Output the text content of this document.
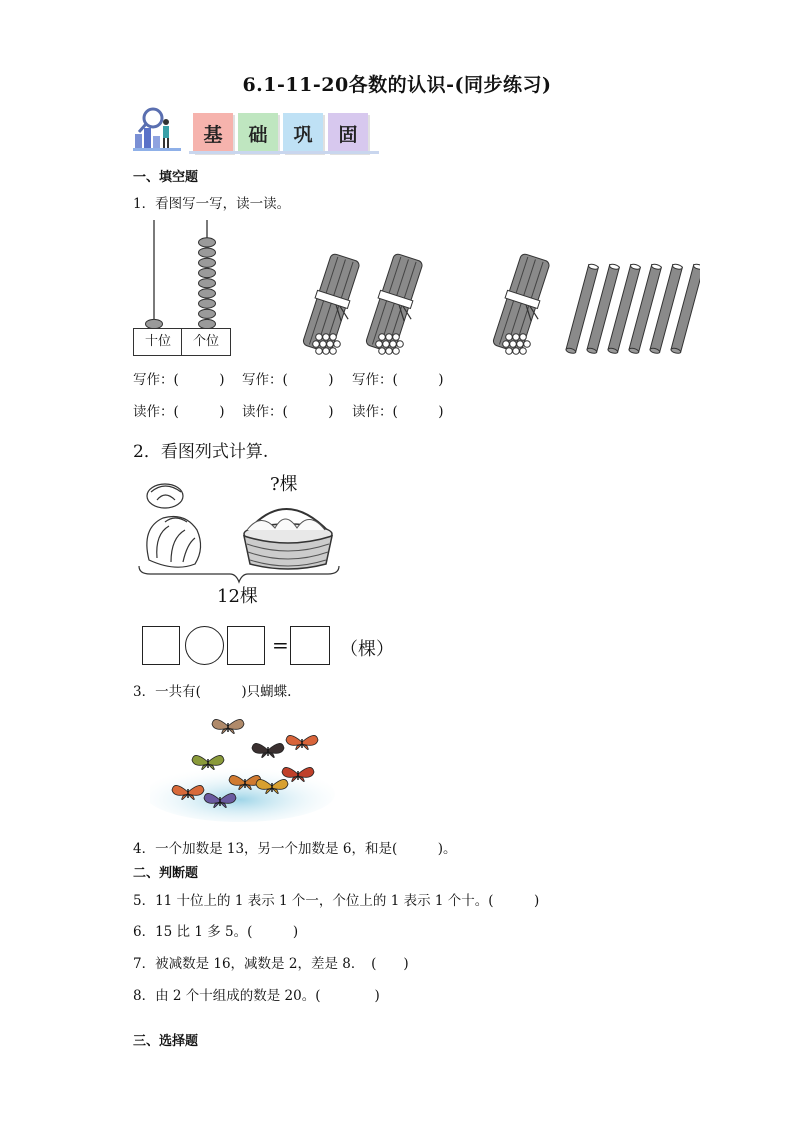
6.1-11-20各数的认识-(同步练习)
基 础 巩 固
一、填空题
1．看图写一写，读一读。
十位	个位
写作：(　　　) 写作：(　　　) 写作：(　　　)
读作：(　　　) 读作：(　　　) 读作：(　　　)
2．看图列式计算.
?棵
12棵
=	（棵）
3．一共有(　　　)只蝴蝶.
4．一个加数是 13，另一个加数是 6，和是(　　　)。
二、判断题
5．11 十位上的 1 表示 1 个一，个位上的 1 表示 1 个十。(　　　)
6．15 比 1 多 5。(　　　)
7．被减数是 16，减数是 2，差是 8．　(　　)
8．由 2 个十组成的数是 20。(　　　　)
三、选择题
